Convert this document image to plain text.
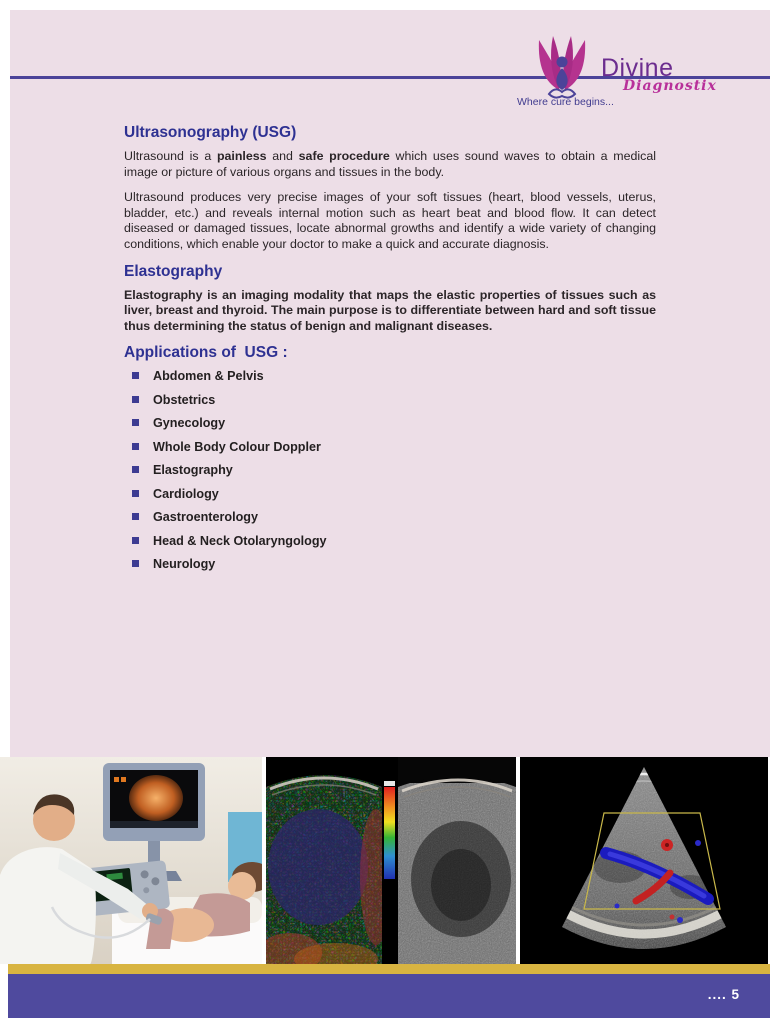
Divine
Diagnostix
Where cure begins...
Ultrasonography (USG)

Ultrasound is a painless and safe procedure which uses sound waves to obtain a medical image or picture of various organs and tissues in the body.

Ultrasound produces very precise images of your soft tissues (heart, blood vessels, uterus, bladder, etc.) and reveals internal motion such as heart beat and blood flow. It can detect diseased or damaged tissues, locate abnormal growths and identify a wide variety of changing conditions, which enable your doctor to make a quick and accurate diagnosis.

Elastography

Elastography is an imaging modality that maps the elastic properties of tissues such as liver, breast and thyroid. The main purpose is to differentiate between hard and soft tissue thus determining the status of benign and malignant diseases.

Applications of  USG :
Abdomen & Pelvis
Obstetrics
Gynecology
Whole Body Colour Doppler
Elastography
Cardiology
Gastroenterology
Head & Neck Otolaryngology
Neurology
.... 5
